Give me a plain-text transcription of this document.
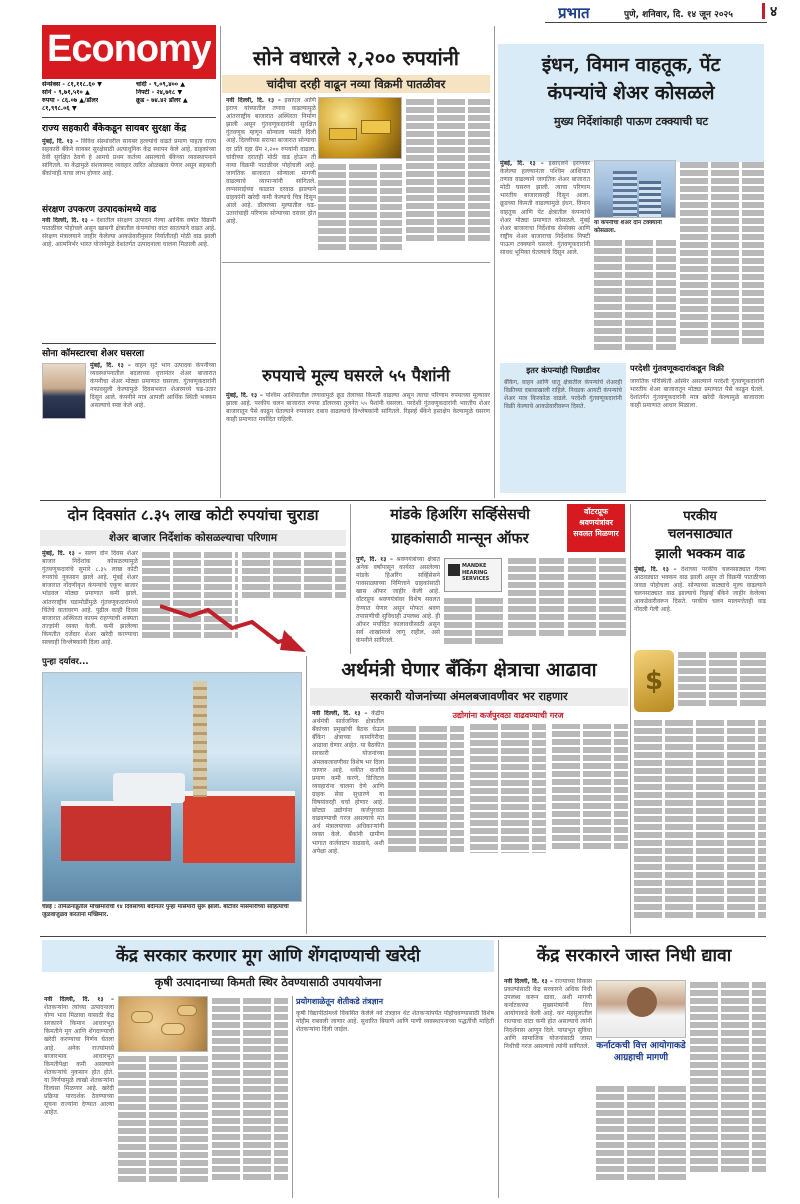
प्रभात	पुणे, शनिवार, दि. १४ जून २०२५	४
Economy
सेन्सेक्स - ८१,११८.६० ▼	चांदी - ९,०९,४०० ▲
सोने - ९,७१,५१० ▲	निफ्टी - २४,७१८ ▼
रुपया - ८६.०७ ▲/डॉलर	क्रूड - ७४.४२ डॉलर ▲
८१,९९८.०६ ▼
राज्य सहकारी बँकेकडून सायबर सुरक्षा केंद्र
मुंबई, दि. १३ – विविध संस्थांवरील सायबर हल्ल्यांचे वाढते प्रमाण पाहता राज्य सहकारी बँकेने सायबर सुरक्षेसाठी अत्याधुनिक केंद्र स्थापन केले आहे. ग्राहकांच्या ठेवी सुरक्षित ठेवणे हे आमचे प्रथम कर्तव्य असल्याचे बँकेच्या व्यवस्थापनाने सांगितले. या केंद्रामुळे संशयास्पद व्यवहार त्वरित ओळखता येणार असून सहकारी बँकांनाही याचा लाभ होणार आहे.
संरक्षण उपकरण उत्पादकांमध्ये वाढ
नवी दिल्ली, दि. १३ – देशातील संरक्षण उत्पादन गेल्या आर्थिक वर्षात विक्रमी पातळीवर पोहोचले असून खासगी क्षेत्रातील कंपन्यांचा वाटा सातत्याने वाढत आहे. संरक्षण मंत्रालयाने जाहीर केलेल्या आकडेवारीनुसार निर्यातीतही मोठी वाढ झाली आहे. आत्मनिर्भर भारत योजनेमुळे देशांतर्गत उत्पादनाला चालना मिळाली आहे.
सोना कॉमस्टारचा शेअर घसरला
मुंबई, दि. १३ – वाहन सुटे भाग उत्पादक कंपनीच्या व्यवस्थापनातील बदलाच्या वृत्तानंतर शेअर बाजारात कंपनीचा शेअर मोठ्या प्रमाणात घसरला. गुंतवणूकदारांनी नफावसुली केल्यामुळे दिवसभरात शेअरमध्ये चढ-उतार दिसून आले. कंपनीने मात्र आपली आर्थिक स्थिती भक्कम असल्याचे स्पष्ट केले आहे.
सोने वधारले २,२०० रुपयांनी
चांदीचा दरही वाढून नव्या विक्रमी पातळीवर
नवी दिल्ली, दि. १३ – इस्राएल आणि इराण यांच्यातील तणाव वाढल्यामुळे आंतरराष्ट्रीय बाजारात अस्थिरता निर्माण झाली असून गुंतवणूकदारांनी सुरक्षित गुंतवणूक म्हणून सोन्याला पसंती दिली आहे. दिल्लीच्या सराफा बाजारात सोन्याचा दर प्रति दहा ग्रॅम २,२०० रुपयांनी वाढला. चांदीच्या दरातही मोठी वाढ होऊन ती नव्या विक्रमी पातळीवर पोहोचली आहे. जागतिक बाजारात सोन्याला मागणी वाढल्याचे व्यापाऱ्यांनी सांगितले. लग्नसराईच्या काळात दरवाढ झाल्याने ग्राहकांनी खरेदी कमी केल्याचे चित्र दिसून आले आहे. डॉलरच्या मूल्यातील चढ-उतारांचाही परिणाम सोन्याच्या दरावर होत आहे.
रुपयाचे मूल्य घसरले ५५ पैशांनी
मुंबई, दि. १३ – पश्चिम आशियातील तणावामुळे क्रूड तेलाच्या किमती वाढल्या असून त्याचा परिणाम रुपयाच्या मूल्यावर झाला आहे. परकीय चलन बाजारात रुपया डॉलरच्या तुलनेत ५५ पैशांनी घसरला. परदेशी गुंतवणूकदारांनी भारतीय शेअर बाजारातून पैसे काढून घेतल्याने रुपयावर दबाव वाढल्याचे विश्लेषकांनी सांगितले. रिझर्व्ह बँकेने हस्तक्षेप केल्यामुळे घसरण काही प्रमाणात मर्यादित राहिली.
इंधन, विमान वाहतूक, पेंट
कंपन्यांचे शेअर कोसळले
मुख्य निर्देशांकाही पाऊण टक्क्याची घट
मुंबई, दि. १३ – इस्राएलने इराणवर केलेल्या हल्ल्यानंतर पश्चिम आशियात तणाव वाढल्याने जागतिक शेअर बाजारात मोठी घसरण झाली. त्याचा परिणाम भारतीय बाजारावरही दिसून आला. क्रूडच्या किमती वाढल्यामुळे इंधन, विमान वाहतूक आणि पेंट क्षेत्रातील कंपन्यांचे शेअर मोठ्या प्रमाणात कोसळले. मुंबई शेअर बाजाराचा निर्देशांक सेन्सेक्स आणि राष्ट्रीय शेअर बाजाराचा निर्देशांक निफ्टी पाऊण टक्क्याने घसरले. गुंतवणूकदारांनी सावध भूमिका घेतल्याचे दिसून आले.
या कंपनीचा शेअर दोन टक्क्यांनी कोसळला.
इतर कंपन्यांही पिछाडीवर
बँकिंग, वाहन आणि धातू क्षेत्रातील कंपन्यांचे शेअरही विक्रीच्या दबावाखाली राहिले. निवडक आयटी कंपन्यांचे शेअर मात्र किरकोळ वाढले. परदेशी गुंतवणूकदारांनी विक्री केल्याचे आकडेवारीवरून दिसते.
परदेशी गुंतवणूकदारांकडून विक्री
जागतिक परिस्थिती अस्थिर असल्याने परदेशी गुंतवणूकदारांनी भारतीय शेअर बाजारातून मोठ्या प्रमाणात पैसे काढून घेतले. देशांतर्गत गुंतवणूकदारांनी मात्र खरेदी केल्यामुळे बाजाराला काही प्रमाणात आधार मिळाला.
दोन दिवसांत ८.३५ लाख कोटी रुपयांचा चुराडा
शेअर बाजार निर्देशांक कोसळल्याचा परिणाम
मुंबई, दि. १३ – सलग दोन दिवस शेअर बाजार निर्देशांक कोसळल्यामुळे गुंतवणूकदारांचे सुमारे ८.३५ लाख कोटी रुपयांचे नुकसान झाले आहे. मुंबई शेअर बाजारात नोंदणीकृत कंपन्यांचे एकूण बाजार भांडवल मोठ्या प्रमाणात कमी झाले. आंतरराष्ट्रीय घडामोडींमुळे गुंतवणूकदारांमध्ये चिंतेचे वातावरण आहे. पुढील काही दिवस बाजारात अस्थिरता कायम राहण्याची शक्यता तज्ज्ञांनी व्यक्त केली. कमी झालेल्या किमतीत दर्जेदार शेअर खरेदी करण्याचा सल्लाही विश्लेषकांनी दिला आहे.
मांडके हिअरिंग सर्व्हिसेसची
ग्राहकांसाठी मान्सून ऑफर
वॉटरप्रूफ श्रवणयंत्रांवर सवलत मिळणार
पुणे, दि. १३ – श्रवणयंत्रांच्या क्षेत्रात अनेक वर्षांपासून कार्यरत असलेल्या मांडके हिअरिंग सर्व्हिसेसने पावसाळ्याच्या निमित्ताने ग्राहकांसाठी खास ऑफर जाहीर केली आहे. वॉटरप्रूफ श्रवणयंत्रांवर विशेष सवलत देण्यात येणार असून मोफत श्रवण तपासणीची सुविधाही उपलब्ध आहे. ही ऑफर मर्यादित कालावधीसाठी असून सर्व शाखांमध्ये लागू राहील, असे कंपनीने सांगितले.
MANDKE HEARING SERVICES
परकीय
चलनसाठ्यात
झाली भक्कम वाढ
मुंबई, दि. १३ – देशाच्या परकीय चलनसाठ्यात गेल्या आठवड्यात भक्कम वाढ झाली असून तो विक्रमी पातळीच्या जवळ पोहोचला आहे. सोन्याच्या साठ्याचे मूल्य वाढल्याने चलनसाठ्यात वाढ झाल्याचे रिझर्व्ह बँकेने जाहीर केलेल्या आकडेवारीवरून दिसते. परकीय चलन मालमत्तेतही वाढ नोंदली गेली आहे.
$
पुन्हा दर्यावर...
चेन्नई : तमिळनाडूतील मच्छिमारांची १४ दिवसांच्या बंदीनंतर पुन्हा मासेमारी सुरू झाली. बोटींवर मासेमारीच्या साहित्याची जुळवाजुळव करताना मच्छिमार.
अर्थमंत्री घेणार बँकिंग क्षेत्राचा आढावा
सरकारी योजनांच्या अंमलबजावणीवर भर राहणार
नवी दिल्ली, दि. १३ – केंद्रीय अर्थमंत्री सार्वजनिक क्षेत्रातील बँकांच्या प्रमुखांची बैठक घेऊन बँकिंग क्षेत्राच्या कामगिरीचा आढावा घेणार आहेत. या बैठकीत सरकारी योजनांच्या अंमलबजावणीवर विशेष भर दिला जाणार आहे. थकीत कर्जांचे प्रमाण कमी करणे, डिजिटल व्यवहारांना चालना देणे आणि ग्राहक सेवा सुधारणे या विषयांवरही चर्चा होणार आहे. छोट्या उद्योगांना कर्जपुरवठा वाढवण्याची गरज असल्याचे मत अर्थ मंत्रालयाच्या अधिकाऱ्यांनी व्यक्त केले. बँकांनी ग्रामीण भागात कर्जवाटप वाढवावे, अशी अपेक्षा आहे.
उद्योगांना कर्जपुरवठा वाढवण्याची गरज
केंद्र सरकार करणार मूग आणि शेंगदाण्याची खरेदी
कृषी उत्पादनाच्या किमती स्थिर ठेवण्यासाठी उपाययोजना
नवी दिल्ली, दि. १३ – शेतकऱ्यांना त्यांच्या उत्पादनाला योग्य भाव मिळावा यासाठी केंद्र सरकारने किमान आधारभूत किमतीने मूग आणि शेंगदाण्याची खरेदी करण्याचा निर्णय घेतला आहे. अनेक राज्यांमध्ये बाजारभाव आधारभूत किमतीपेक्षा कमी असल्याने शेतकऱ्यांचे नुकसान होत होते. या निर्णयामुळे लाखो शेतकऱ्यांना दिलासा मिळणार आहे. खरेदी प्रक्रिया पारदर्शक ठेवण्याच्या सूचना राज्यांना देण्यात आल्या आहेत.
प्रयोगशाळेतून शेतीकडे तंत्रज्ञान
कृषी विद्यापीठांमध्ये विकसित केलेले नवे तंत्रज्ञान थेट शेतकऱ्यांपर्यंत पोहोचवण्यासाठी विशेष मोहीम राबवली जाणार आहे. सुधारित बियाणे आणि पाणी व्यवस्थापनाच्या पद्धतींची माहिती शेतकऱ्यांना दिली जाईल.
केंद्र सरकारने जास्त निधी द्यावा
नवी दिल्ली, दि. १३ – राज्याच्या विकास प्रकल्पांसाठी केंद्र सरकारने अधिक निधी उपलब्ध करून द्यावा, अशी मागणी कर्नाटकच्या मुख्यमंत्र्यांनी वित्त आयोगाकडे केली आहे. कर महसुलातील राज्याचा वाटा कमी होत असल्याचे त्यांनी निदर्शनास आणून दिले. पायाभूत सुविधा आणि सामाजिक योजनांसाठी जास्त निधीची गरज असल्याचे त्यांनी सांगितले. कर्नाटकची वित्त आयोगाकडे आग्रहाची मागणी
